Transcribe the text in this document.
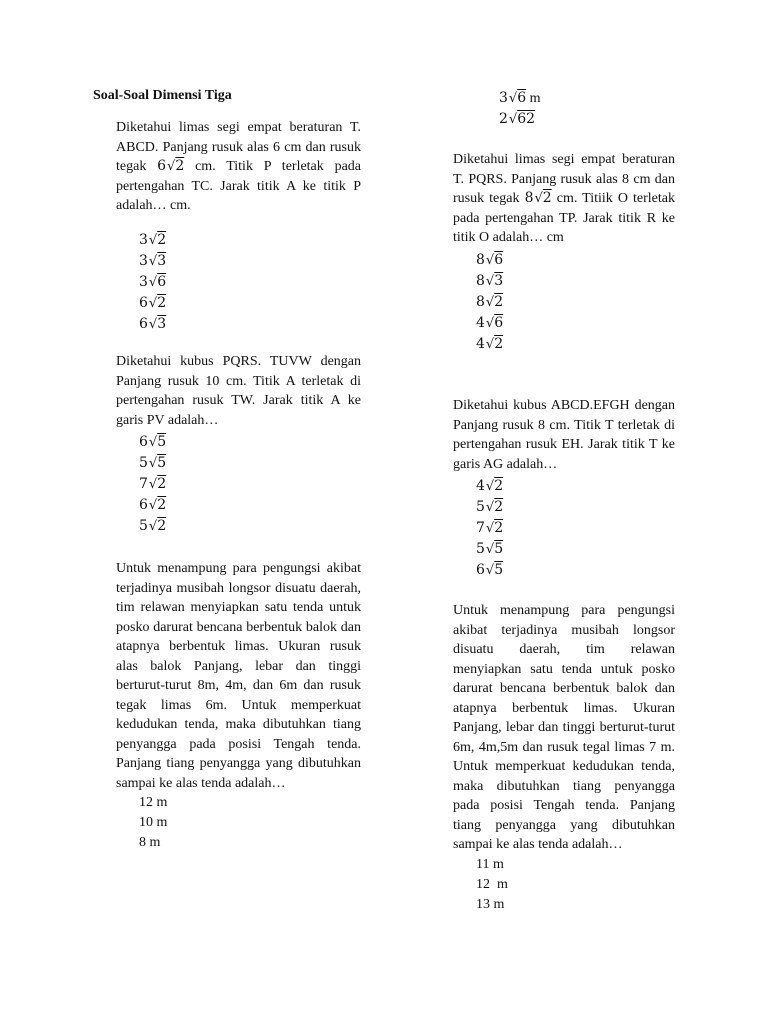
Soal-Soal Dimensi Tiga

Diketahui limas segi empat beraturan T. ABCD. Panjang rusuk alas 6 cm dan rusuk tegak 6√2 cm. Titik P terletak pada pertengahan TC. Jarak titik A ke titik P adalah… cm.

3√2
3√3
3√6
6√2
6√3

Diketahui kubus PQRS. TUVW dengan Panjang rusuk 10 cm. Titik A terletak di pertengahan rusuk TW. Jarak titik A ke garis PV adalah…

6√5
5√5
7√2
6√2
5√2

Untuk menampung para pengungsi akibat terjadinya musibah longsor disuatu daerah, tim relawan menyiapkan satu tenda untuk posko darurat bencana berbentuk balok dan atapnya berbentuk limas. Ukuran rusuk alas balok Panjang, lebar dan tinggi berturut-turut 8m, 4m, dan 6m dan rusuk tegak limas 6m. Untuk memperkuat kedudukan tenda, maka dibutuhkan tiang penyangga pada posisi Tengah tenda. Panjang tiang penyangga yang dibutuhkan sampai ke alas tenda adalah…

12 m
10 m
8 m
3√6 m
2√62

Diketahui limas segi empat beraturan T. PQRS. Panjang rusuk alas 8 cm dan rusuk tegak 8√2 cm. Titiik O terletak pada pertengahan TP. Jarak titik R ke titik O adalah… cm

8√6
8√3
8√2
4√6
4√2

Diketahui kubus ABCD.EFGH dengan Panjang rusuk 8 cm. Titik T terletak di pertengahan rusuk EH. Jarak titik T ke garis AG adalah…

4√2
5√2
7√2
5√5
6√5

Untuk menampung para pengungsi akibat terjadinya musibah longsor disuatu daerah, tim relawan menyiapkan satu tenda untuk posko darurat bencana berbentuk balok dan atapnya berbentuk limas. Ukuran Panjang, lebar dan tinggi berturut-turut 6m, 4m,5m dan rusuk tegal limas 7 m. Untuk memperkuat kedudukan tenda, maka dibutuhkan tiang penyangga pada posisi Tengah tenda. Panjang tiang penyangga yang dibutuhkan sampai ke alas tenda adalah…

11 m
12  m
13 m
